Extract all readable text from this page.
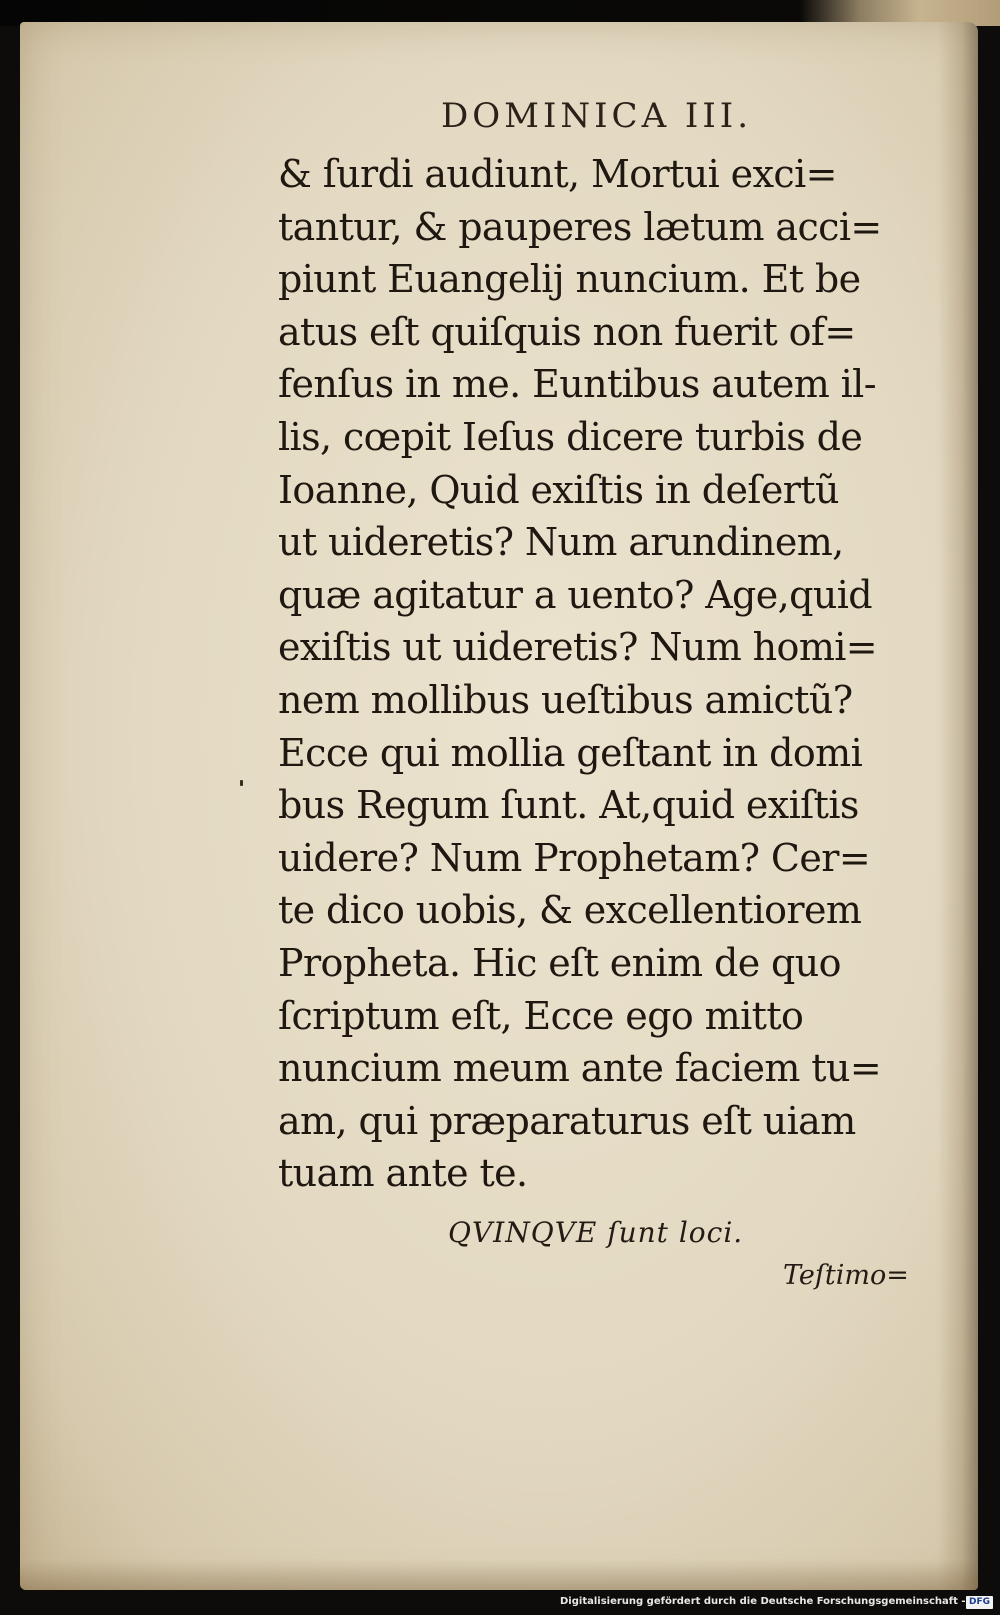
DOMINICA III.
& ſurdi audiunt, Mortui exci=
tantur, & pauperes lætum acci=
piunt Euangelij nuncium. Et be
atus eſt quiſquis non fuerit of=
fenſus in me. Euntibus autem il-
lis, cœpit Ieſus dicere turbis de
Ioanne, Quid exiſtis in deſertũ
ut uideretis? Num arundinem,
quæ agitatur a uento? Age,quid
exiſtis ut uideretis? Num homi=
nem mollibus ueſtibus amictũ?
Ecce qui mollia geſtant in domi
bus Regum ſunt. At,quid exiſtis
uidere? Num Prophetam? Cer=
te dico uobis, & excellentiorem
Propheta. Hic eſt enim de quo
ſcriptum eſt, Ecce ego mitto
nuncium meum ante faciem tu=
am, qui præparaturus eſt uiam
tuam ante te.
QVINQVE ſunt loci.
Teſtimo=
Digitalisierung gefördert durch die Deutsche Forschungsgemeinschaft - DFG
